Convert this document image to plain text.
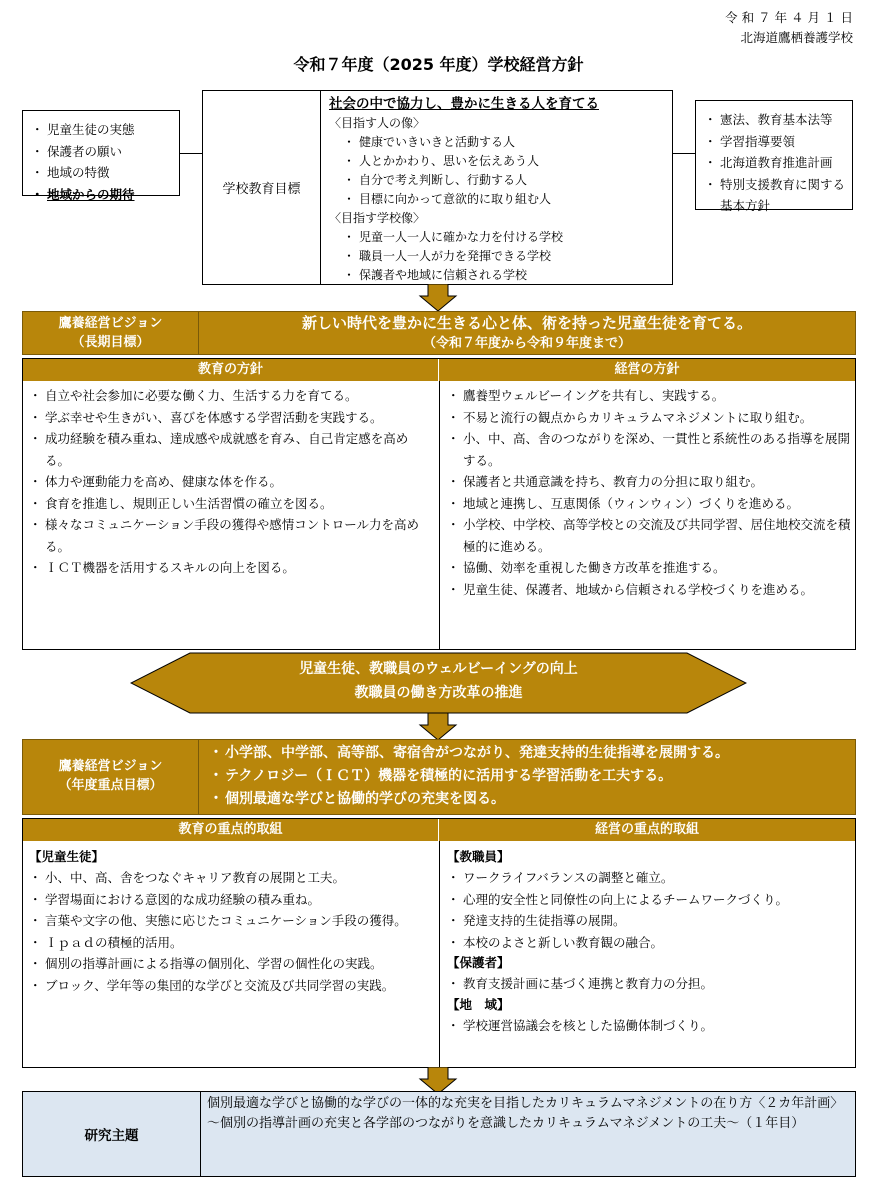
令 和 ７ 年 ４ 月 １ 日
北海道鷹栖養護学校
令和７年度（2025 年度）学校経営方針
・ 児童生徒の実態
・ 保護者の願い
・ 地域の特徴
・ 地域からの期待
・ 憲法、教育基本法等
・ 学習指導要領
・ 北海道教育推進計画
・ 特別支援教育に関する基本方針
学校教育目標
社会の中で協力し、豊かに生きる人を育てる
〈目指す人の像〉
・ 健康でいきいきと活動する人
・ 人とかかわり、思いを伝えあう人
・ 自分で考え判断し、行動する人
・ 目標に向かって意欲的に取り組む人
〈目指す学校像〉
・ 児童一人一人に確かな力を付ける学校
・ 職員一人一人が力を発揮できる学校
・ 保護者や地域に信頼される学校
鷹養経営ビジョン
（長期目標）
新しい時代を豊かに生きる心と体、術を持った児童生徒を育てる。
（令和７年度から令和９年度まで）
教育の方針	経営の方針
・ 自立や社会参加に必要な働く力、生活する力を育てる。
・ 学ぶ幸せや生きがい、喜びを体感する学習活動を実践する。
・ 成功経験を積み重ね、達成感や成就感を育み、自己肯定感を高める。
・ 体力や運動能力を高め、健康な体を作る。
・ 食育を推進し、規則正しい生活習慣の確立を図る。
・ 様々なコミュニケーション手段の獲得や感情コントロール力を高める。
・ ＩＣＴ機器を活用するスキルの向上を図る。
・ 鷹養型ウェルビーイングを共有し、実践する。
・ 不易と流行の観点からカリキュラムマネジメントに取り組む。
・ 小、中、高、舎のつながりを深め、一貫性と系統性のある指導を展開する。
・ 保護者と共通意識を持ち、教育力の分担に取り組む。
・ 地域と連携し、互恵関係（ウィンウィン）づくりを進める。
・ 小学校、中学校、高等学校との交流及び共同学習、居住地校交流を積極的に進める。
・ 協働、効率を重視した働き方改革を推進する。
・ 児童生徒、保護者、地域から信頼される学校づくりを進める。
児童生徒、教職員のウェルビーイングの向上
教職員の働き方改革の推進
鷹養経営ビジョン
（年度重点目標）
・ 小学部、中学部、高等部、寄宿舎がつながり、発達支持的生徒指導を展開する。
・ テクノロジー（ＩＣＴ）機器を積極的に活用する学習活動を工夫する。
・ 個別最適な学びと協働的学びの充実を図る。
教育の重点的取組	経営の重点的取組
【児童生徒】
・ 小、中、高、舎をつなぐキャリア教育の展開と工夫。
・ 学習場面における意図的な成功経験の積み重ね。
・ 言葉や文字の他、実態に応じたコミュニケーション手段の獲得。
・ Ｉｐａｄの積極的活用。
・ 個別の指導計画による指導の個別化、学習の個性化の実践。
・ ブロック、学年等の集団的な学びと交流及び共同学習の実践。
【教職員】
・ ワークライフバランスの調整と確立。
・ 心理的安全性と同僚性の向上によるチームワークづくり。
・ 発達支持的生徒指導の展開。
・ 本校のよさと新しい教育観の融合。
【保護者】
・ 教育支援計画に基づく連携と教育力の分担。
【地　域】
・ 学校運営協議会を核とした協働体制づくり。
研究主題
個別最適な学びと協働的な学びの一体的な充実を目指したカリキュラムマネジメントの在り方〈２カ年計画〉
～個別の指導計画の充実と各学部のつながりを意識したカリキュラムマネジメントの工夫～（１年目）
